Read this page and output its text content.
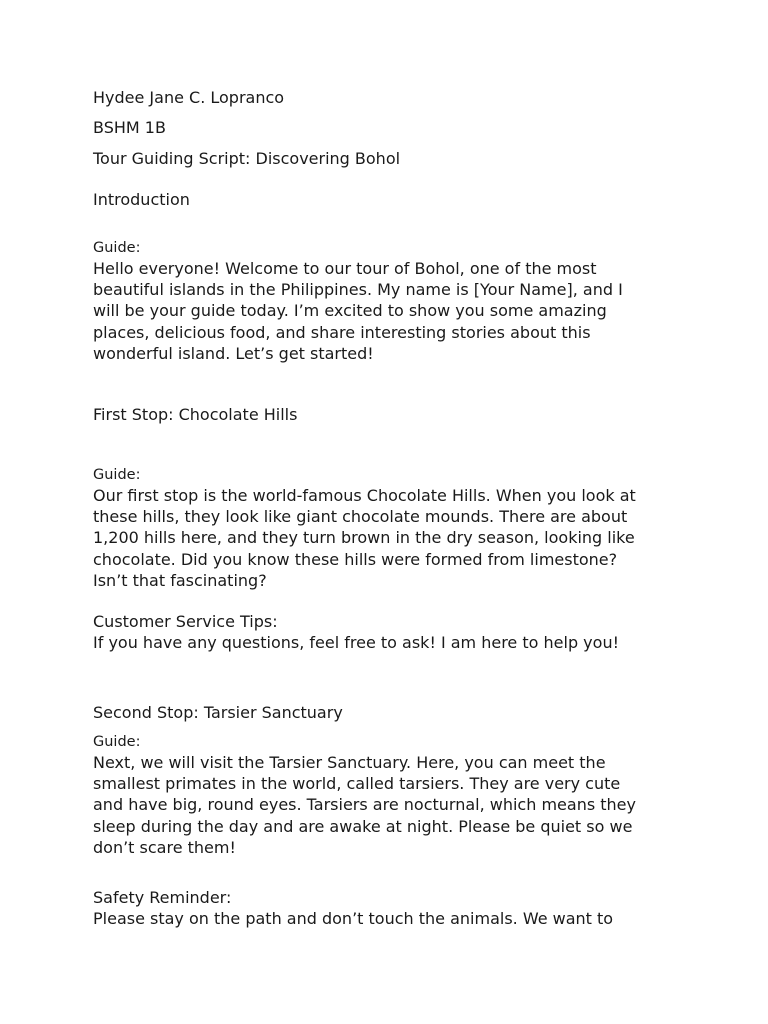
Hydee Jane C. Lopranco

BSHM 1B

Tour Guiding Script: Discovering Bohol

Introduction

Guide:

Hello everyone! Welcome to our tour of Bohol, one of the most
beautiful islands in the Philippines. My name is [Your Name], and I
will be your guide today. I’m excited to show you some amazing
places, delicious food, and share interesting stories about this
wonderful island. Let’s get started!

First Stop: Chocolate Hills

Guide:

Our first stop is the world-famous Chocolate Hills. When you look at
these hills, they look like giant chocolate mounds. There are about
1,200 hills here, and they turn brown in the dry season, looking like
chocolate. Did you know these hills were formed from limestone?
Isn’t that fascinating?

Customer Service Tips:

If you have any questions, feel free to ask! I am here to help you!

Second Stop: Tarsier Sanctuary

Guide:

Next, we will visit the Tarsier Sanctuary. Here, you can meet the
smallest primates in the world, called tarsiers. They are very cute
and have big, round eyes. Tarsiers are nocturnal, which means they
sleep during the day and are awake at night. Please be quiet so we
don’t scare them!

Safety Reminder:

Please stay on the path and don’t touch the animals. We want to
